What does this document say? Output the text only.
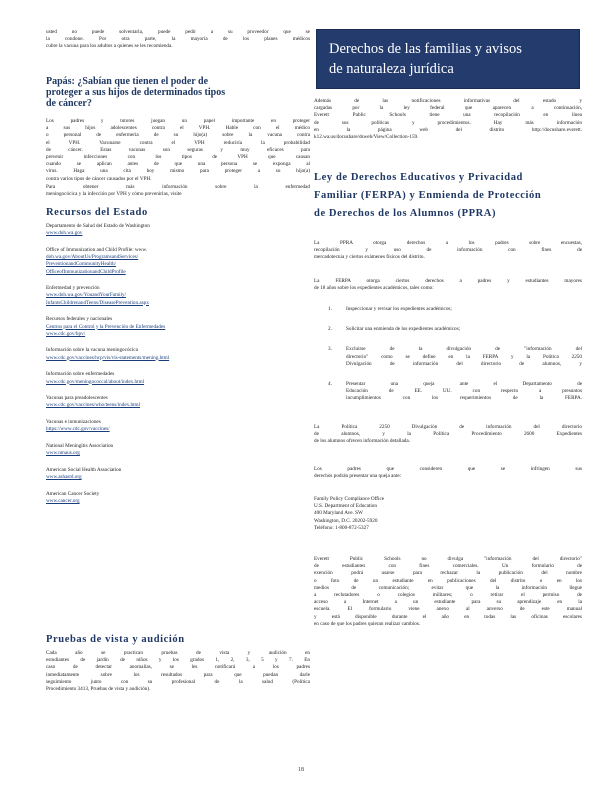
usted no puede solventarla, puede pedir a su proveedor que se
la condone. Por otra parte, la mayoría de los planes médicos
cubre la vacuna para los adultos a quienes se les recomienda.
Papás: ¿Sabían que tienen el poder de
proteger a sus hijos de determinados tipos
de cáncer?
Los padres y tutores juegan un papel importante en proteger
a sus hijos adolescentes contra el VPH. Hable con el médico
o personal de enfermería de su hijo(a) sobre la vacuna contra
el VPH. Vacunarse contra el VPH reduciría la probabilidad
de cáncer. Estas vacunas son seguras y muy eficaces para
prevenir infecciones con los tipos de VPH que causan
cuando se aplican antes de que una persona se exponga al
virus. Haga una cita hoy mismo para proteger a su hijo(a)
contra varios tipos de cáncer causados por el VPH.
Para obtener más información sobre la enfermedad
meningocócica y la infección por VPH y cómo prevenirlas, visite
Recursos del Estado
Departamento de Salud del Estado de Washington
www.doh.wa.gov
Office of Immunization and Child Profile: www.
doh.wa.gov/AboutUs/ProgramsandServices/
PreventionandCommunityHealth/
OfficeofImmunizationandChildProfile
Enfermedad y prevención
www.doh.wa.gov/YouandYourFamily/
InfantsChildrenandTeens/DiseasePrevention.aspx
Recursos federales y nacionales
Centros para el Control y la Prevención de Enfermedades
www.cdc.gov/hpv/
Información sobre la vacuna meningocócica
www.cdc.gov/vaccines/hcp/vis/vis-statements/mening.html
Información sobre enfermedades
www.cdc.gov/meningococcal/about/index.html
Vacunas para preadolescentes
www.cdc.gov/vaccines/who/teens/index.html
Vacunas e inmunizaciones
https://www.cdc.gov/vaccines/
National Meningitis Association
www.nmaus.org
American Social Health Association
www.ashastd.org
American Cancer Society
www.cancer.org
Pruebas de vista y audición
Cada año se practican pruebas de vista y audición en
estudiantes de jardín de niños y los grados 1, 2, 3, 5 y 7. En
caso de detectar anomalías, se les notificará a los padres
inmediatamente sobre los resultados para que puedan darle
seguimiento junto con su profesional de la salud (Política
Procedimiento 3413, Pruebas de vista y audición).
Derechos de las familias y avisos
de naturaleza jurídica
Además de las notificaciones informativas del estado y
cargadas por la ley federal que aparecen a continuación,
Everett Public Schools tiene una recopilación en línea
de sus políticas y procedimientos. Hay más información
en la página web del distrito http://docushare.everett.
k12.wa.us/docushare/dsweb/View/Collection-159.
Ley de Derechos Educativos y Privacidad
Familiar (FERPA) y Enmienda de Protección
de Derechos de los Alumnos (PPRA)
La PPRA otorga derechos a los padres sobre encuestas,
recopilación y uso de información con fines de
mercadotecnia y ciertos exámenes físicos del distrito.
La FERPA otorga ciertos derechos a padres y estudiantes mayores
de 18 años sobre los expedientes académicos, tales como:
1.	Inspeccionar y revisar los expedientes académicos;
2.	Solicitar una enmienda de los expedientes académicos;
3.	Excluirse de la divulgación de "información del
directorio" como se define en la FERPA y la Política 2250
Divulgación de información del directorio de alumnos, y
4.	Presentar una queja ante el Departamento de
Educación de EE. UU. con respecto a presuntos
incumplimientos con los requerimientos de la FERPA.
La Política 2250 Divulgación de información del directorio
de alumnos, y la Política Procedimiento 2600 Expedientes
de los alumnos ofrecen información detallada.
Los padres que consideren que se infringen sus
derechos podrán presentar una queja ante:
Family Policy Compliance Office
U.S. Department of Education
400 Maryland Ave. SW
Washington, D.C. 20202-5920
Teléfono: 1-800-872-5327
Everett Public Schools no divulga "información del directorio"
de estudiantes con fines comerciales. Un formulario de
exención podrá usarse para rechazar la publicación del nombre
o foto de un estudiante en publicaciones del distrito o en los
medios de comunicación; evitar que la información llegue
a reclutadores o colegios militares; o retirar el permiso de
acceso a Internet a un estudiante para su aprendizaje en la
escuela. El formulario viene anexo al anverso de este manual
y está disponible durante el año en todas las oficinas escolares
en caso de que los padres quieran realizar cambios.
18
